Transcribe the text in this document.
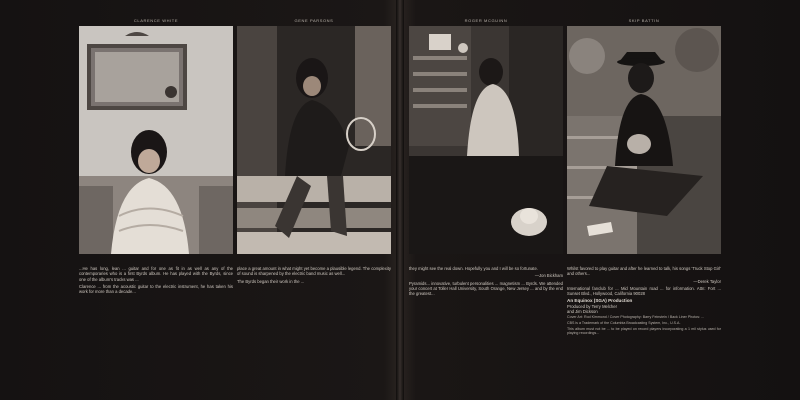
CLARENCE WHITE

...He has long, lean ... guitar and for one as fit in as well as any of the contemporaries who is a first Byrds album. He has played with the Byrds, since one of the album's tracks was ...

Clarence ... from the acoustic guitar to the electric instrument, he has taken his work for more than a decade...

GENE PARSONS

place a great amount in what might yet become a plausible legend. The complexity of sound is sharpened by the electric band music as well...

The Byrds began their work in the ...

ROGER MCGUINN

they might see the real down. Hopefully you and I will be so fortunate.

—Jon Bickham

Pyramids... innovative, turbulent personalities ... magnetism ... Byrds. We attended your concert at Toller Hall University, South Orange, New Jersey ... and by the end the greatest...

SKIP BATTIN

Whilst favored to play guitar and after he learned to talk, his songs 'Truck Stop Girl' and others...

—Derek Taylor

International fanclub for ... Mid Mountain road ... for information. Attn: Fort ... Sunset Blvd., Hollywood, California 90028

An Equinox (SGA) Production
Produced by Terry Melcher
and Jim Dickson
Cover Art: Rod Kimmond / Cover Photography: Barry Feinstein / Back Liner Photos: ...
CBS is a Trademark of the Columbia Broadcasting System, Inc., U.S.A.
This album must not be ... to be played on record players incorporating a 1 mil stylus used for playing recordings...
